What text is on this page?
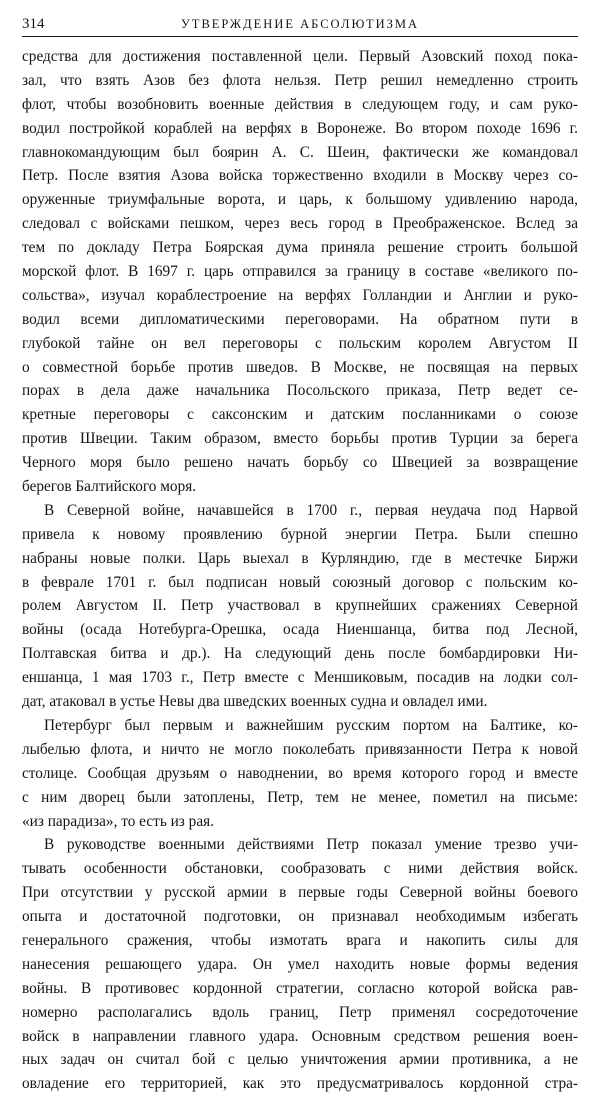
314	УТВЕРЖДЕНИЕ АБСОЛЮТИЗМА
средства для достижения поставленной цели. Первый Азовский поход пока-
зал, что взять Азов без флота нельзя. Петр решил немедленно строить
флот, чтобы возобновить военные действия в следующем году, и сам руко-
водил постройкой кораблей на верфях в Воронеже. Во втором походе 1696 г.
главнокомандующим был боярин А. С. Шеин, фактически же командовал
Петр. После взятия Азова войска торжественно входили в Москву через со-
оруженные триумфальные ворота, и царь, к большому удивлению народа,
следовал с войсками пешком, через весь город в Преображенское. Вслед за
тем по докладу Петра Боярская дума приняла решение строить большой
морской флот. В 1697 г. царь отправился за границу в составе «великого по-
сольства», изучал кораблестроение на верфях Голландии и Англии и руко-
водил всеми дипломатическими переговорами. На обратном пути в
глубокой тайне он вел переговоры с польским королем Августом II
о совместной борьбе против шведов. В Москве, не посвящая на первых
порах в дела даже начальника Посольского приказа, Петр ведет се-
кретные переговоры с саксонским и датским посланниками о союзе
против Швеции. Таким образом, вместо борьбы против Турции за берега
Черного моря было решено начать борьбу со Швецией за возвращение
берегов Балтийского моря.
В Северной войне, начавшейся в 1700 г., первая неудача под Нарвой
привела к новому проявлению бурной энергии Петра. Были спешно
набраны новые полки. Царь выехал в Курляндию, где в местечке Биржи
в феврале 1701 г. был подписан новый союзный договор с польским ко-
ролем Августом II. Петр участвовал в крупнейших сражениях Северной
войны (осада Нотебурга-Орешка, осада Ниеншанца, битва под Лесной,
Полтавская битва и др.). На следующий день после бомбардировки Ни-
еншанца, 1 мая 1703 г., Петр вместе с Меншиковым, посадив на лодки сол-
дат, атаковал в устье Невы два шведских военных судна и овладел ими.
Петербург был первым и важнейшим русским портом на Балтике, ко-
лыбелью флота, и ничто не могло поколебать привязанности Петра к новой
столице. Сообщая друзьям о наводнении, во время которого город и вместе
с ним дворец были затоплены, Петр, тем не менее, пометил на письме:
«из парадиза», то есть из рая.
В руководстве военными действиями Петр показал умение трезво учи-
тывать особенности обстановки, сообразовать с ними действия войск.
При отсутствии у русской армии в первые годы Северной войны боевого
опыта и достаточной подготовки, он признавал необходимым избегать
генерального сражения, чтобы измотать врага и накопить силы для
нанесения решающего удара. Он умел находить новые формы ведения
войны. В противовес кордонной стратегии, согласно которой войска рав-
номерно располагались вдоль границ, Петр применял сосредоточение
войск в направлении главного удара. Основным средством решения воен-
ных задач он считал бой с целью уничтожения армии противника, а не
овладение его территорией, как это предусматривалось кордонной стра-
